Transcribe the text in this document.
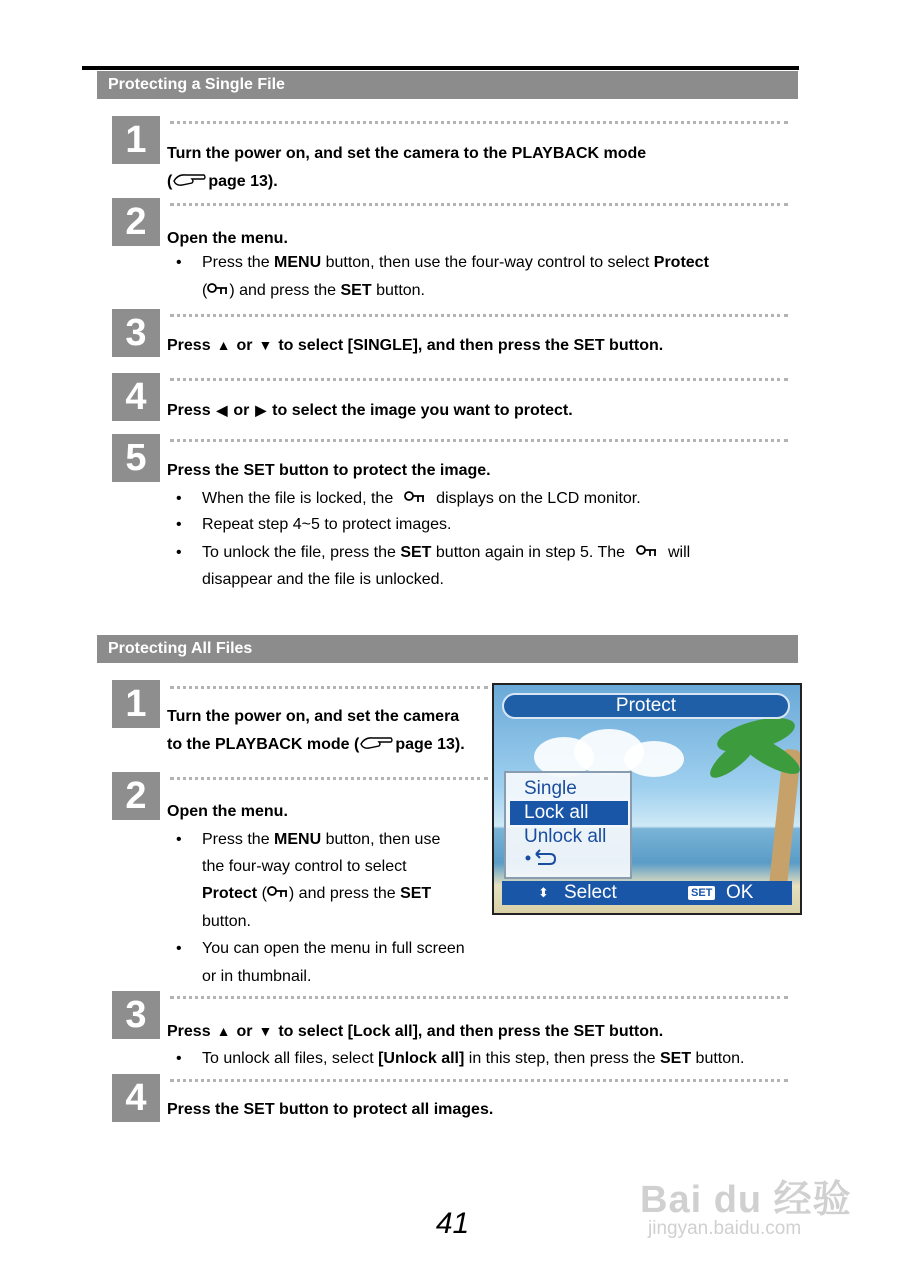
Protecting a Single File
1	Turn the power on, and set the camera to the PLAYBACK mode
( page 13).
2	Open the menu.
• Press the MENU button, then use the four-way control to select Protect
( ) and press the SET button.
3	Press ▲ or ▼ to select [SINGLE], and then press the SET button.
4	Press ◀ or ▶ to select the image you want to protect.
5	Press the SET button to protect the image.
• When the file is locked, the	displays on the LCD monitor.
• Repeat step 4~5 to protect images.
• To unlock the file, press the SET button again in step 5. The	will
disappear and the file is unlocked.
Protecting All Files
1	Turn the power on, and set the camera
to the PLAYBACK mode ( page 13).
2	Open the menu.
• Press the MENU button, then use
the four-way control to select
Protect ( ) and press the SET
button.
• You can open the menu in full screen
or in thumbnail.
Protect
Single
Lock all
Unlock all
⬍ Select	SET OK
3	Press ▲ or ▼ to select [Lock all], and then press the SET button.
• To unlock all files, select [Unlock all] in this step, then press the SET button.
4	Press the SET button to protect all images.
41
Bai du 经验
jingyan.baidu.com
